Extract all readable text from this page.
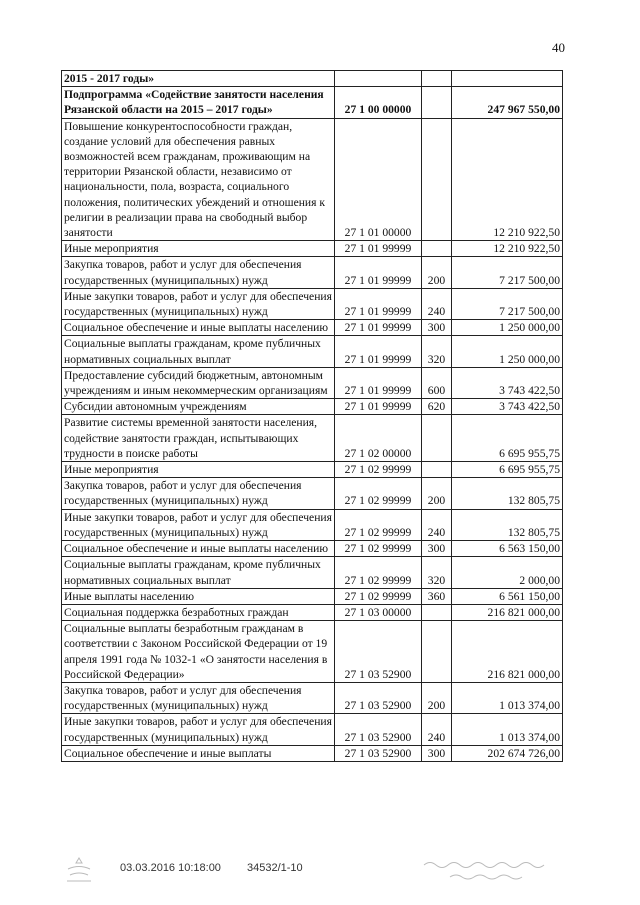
40
2015 - 2017 годы»			
Подпрограмма «Содействие занятости населения Рязанской области на 2015 – 2017 годы»	27 1 00 00000		247 967 550,00
Повышение конкурентоспособности граждан, создание условий для обеспечения равных возможностей всем гражданам, проживающим на территории Рязанской области, независимо от национальности, пола, возраста, социального положения, политических убеждений и отношения к религии в реализации права на свободный выбор занятости	27 1 01 00000		12 210 922,50
Иные мероприятия	27 1 01 99999		12 210 922,50
Закупка товаров, работ и услуг для обеспечения государственных (муниципальных) нужд	27 1 01 99999	200	7 217 500,00
Иные закупки товаров, работ и услуг для обеспечения государственных (муниципальных) нужд	27 1 01 99999	240	7 217 500,00
Социальное обеспечение и иные выплаты населению	27 1 01 99999	300	1 250 000,00
Социальные выплаты гражданам, кроме публичных нормативных социальных выплат	27 1 01 99999	320	1 250 000,00
Предоставление субсидий бюджетным, автономным учреждениям и иным некоммерческим организациям	27 1 01 99999	600	3 743 422,50
Субсидии автономным учреждениям	27 1 01 99999	620	3 743 422,50
Развитие системы временной занятости населения, содействие занятости граждан, испытывающих трудности в поиске работы	27 1 02 00000		6 695 955,75
Иные мероприятия	27 1 02 99999		6 695 955,75
Закупка товаров, работ и услуг для обеспечения государственных (муниципальных) нужд	27 1 02 99999	200	132 805,75
Иные закупки товаров, работ и услуг для обеспечения государственных (муниципальных) нужд	27 1 02 99999	240	132 805,75
Социальное обеспечение и иные выплаты населению	27 1 02 99999	300	6 563 150,00
Социальные выплаты гражданам, кроме публичных нормативных социальных выплат	27 1 02 99999	320	2 000,00
Иные выплаты населению	27 1 02 99999	360	6 561 150,00
Социальная поддержка безработных граждан	27 1 03 00000		216 821 000,00
Социальные выплаты безработным гражданам в соответствии с Законом Российской Федерации от 19 апреля 1991 года № 1032-1 «О занятости населения в Российской Федерации»	27 1 03 52900		216 821 000,00
Закупка товаров, работ и услуг для обеспечения государственных (муниципальных) нужд	27 1 03 52900	200	1 013 374,00
Иные закупки товаров, работ и услуг для обеспечения государственных (муниципальных) нужд	27 1 03 52900	240	1 013 374,00
Социальное обеспечение и иные выплаты	27 1 03 52900	300	202 674 726,00
03.03.2016 10:18:00 34532/1-10
